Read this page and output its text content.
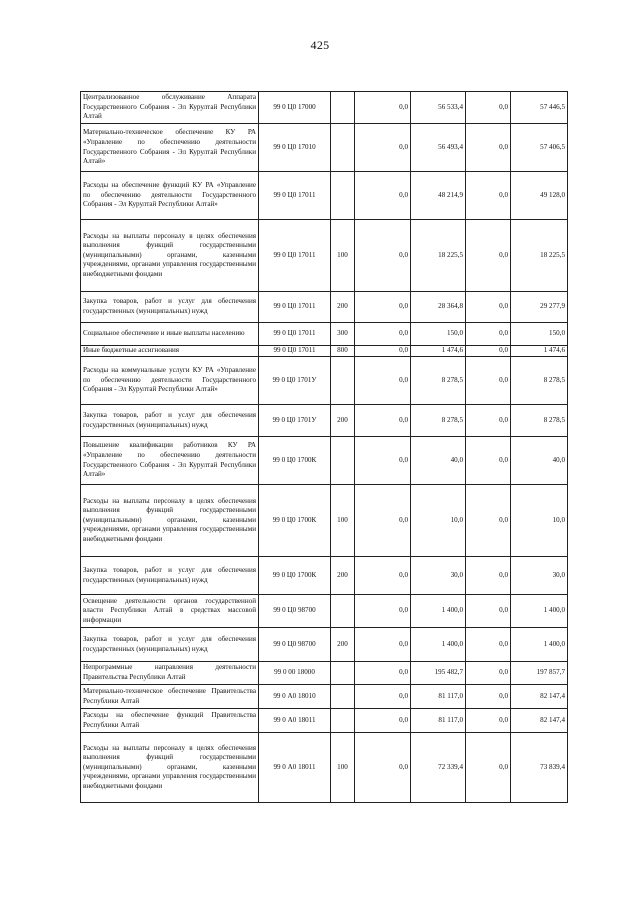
425
Централизованное обслуживание Аппарата Государственного Собрания - Эл Курултай Республики Алтай	99 0 Ц0 17000		0,0	56 533,4	0,0	57 446,5
Материально-техническое обеспечение КУ РА «Управление по обеспечению деятельности Государственного Собрания - Эл Курултай Республики Алтай»	99 0 Ц0 17010		0,0	56 493,4	0,0	57 406,5
Расходы на обеспечение функций КУ РА «Управление по обеспечению деятельности Государственного Собрания - Эл Курултай Республики Алтай»	99 0 Ц0 17011		0,0	48 214,9	0,0	49 128,0
Расходы на выплаты персоналу в целях обеспечения выполнения функций государственными (муниципальными) органами, казенными учреждениями, органами управления государственными внебюджетными фондами	99 0 Ц0 17011	100	0,0	18 225,5	0,0	18 225,5
Закупка товаров, работ и услуг для обеспечения государственных (муниципальных) нужд	99 0 Ц0 17011	200	0,0	28 364,8	0,0	29 277,9
Социальное обеспечение и иные выплаты населению	99 0 Ц0 17011	300	0,0	150,0	0,0	150,0
Иные бюджетные ассигнования	99 0 Ц0 17011	800	0,0	1 474,6	0,0	1 474,6
Расходы на коммунальные услуги КУ РА «Управление по обеспечению деятельности Государственного Собрания - Эл Курултай Республики Алтай»	99 0 Ц0 1701У		0,0	8 278,5	0,0	8 278,5
Закупка товаров, работ и услуг для обеспечения государственных (муниципальных) нужд	99 0 Ц0 1701У	200	0,0	8 278,5	0,0	8 278,5
Повышение квалификации работников КУ РА «Управление по обеспечению деятельности Государственного Собрания - Эл Курултай Республики Алтай»	99 0 Ц0 1700К		0,0	40,0	0,0	40,0
Расходы на выплаты персоналу в целях обеспечения выполнения функций государственными (муниципальными) органами, казенными учреждениями, органами управления государственными внебюджетными фондами	99 0 Ц0 1700К	100	0,0	10,0	0,0	10,0
Закупка товаров, работ и услуг для обеспечения государственных (муниципальных) нужд	99 0 Ц0 1700К	200	0,0	30,0	0,0	30,0
Освещение деятельности органов государственной власти Республики Алтай в средствах массовой информации	99 0 Ц0 98700		0,0	1 400,0	0,0	1 400,0
Закупка товаров, работ и услуг для обеспечения государственных (муниципальных) нужд	99 0 Ц0 98700	200	0,0	1 400,0	0,0	1 400,0
Непрограммные направления деятельности Правительства Республики Алтай	99 0 00 18000		0,0	195 482,7	0,0	197 857,7
Материально-техническое обеспечение Правительства Республики Алтай	99 0 А0 18010		0,0	81 117,0	0,0	82 147,4
Расходы на обеспечение функций Правительства Республики Алтай	99 0 А0 18011		0,0	81 117,0	0,0	82 147,4
Расходы на выплаты персоналу в целях обеспечения выполнения функций государственными (муниципальными) органами, казенными учреждениями, органами управления государственными внебюджетными фондами	99 0 А0 18011	100	0,0	72 339,4	0,0	73 839,4
